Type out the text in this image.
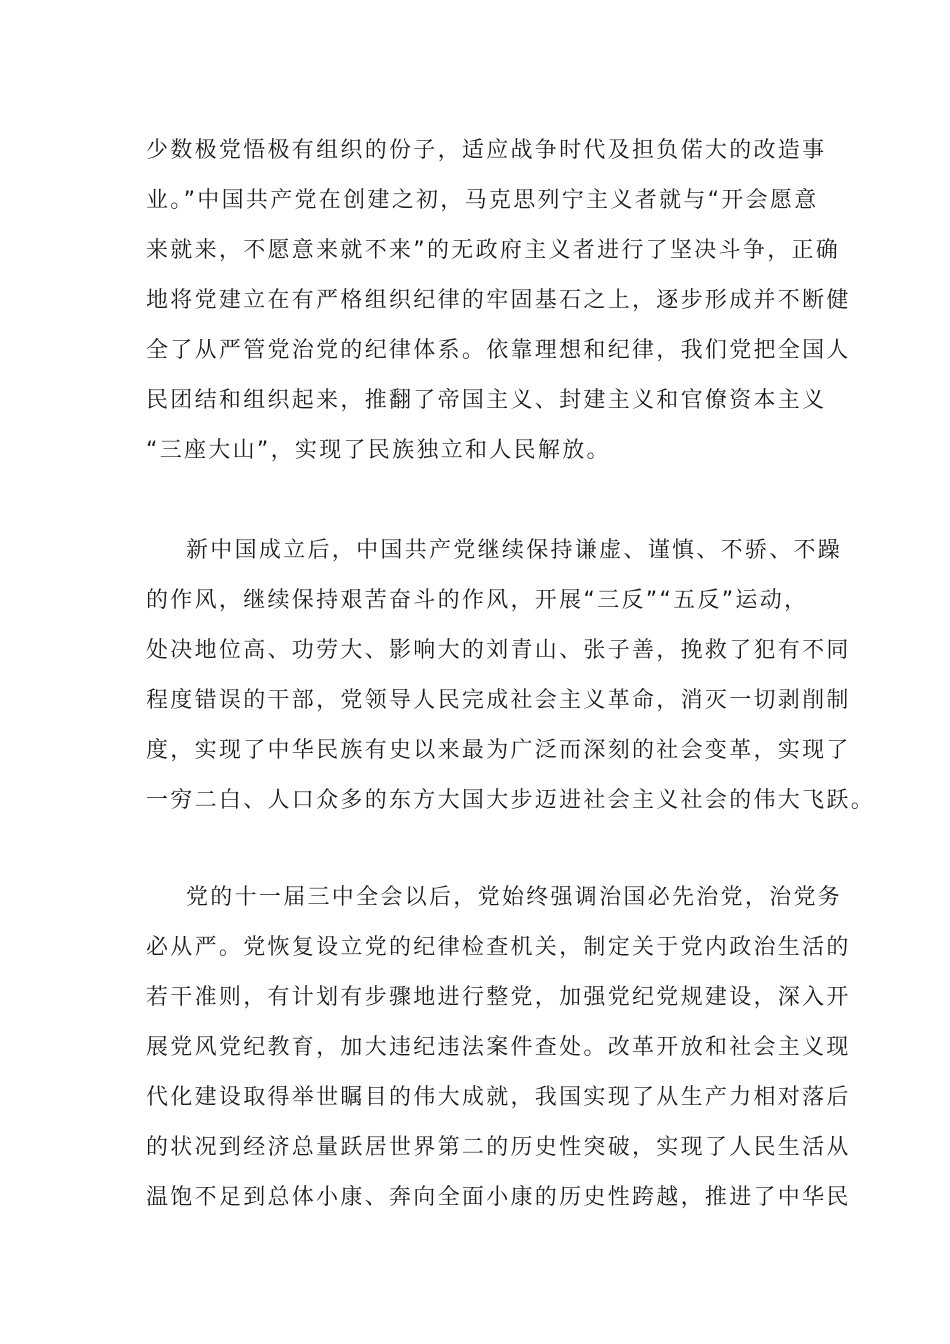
少数极党悟极有组织的份子，适应战争时代及担负偌大的改造事
业。”中国共产党在创建之初，马克思列宁主义者就与“开会愿意
来就来，不愿意来就不来”的无政府主义者进行了坚决斗争，正确
地将党建立在有严格组织纪律的牢固基石之上，逐步形成并不断健
全了从严管党治党的纪律体系。依靠理想和纪律，我们党把全国人
民团结和组织起来，推翻了帝国主义、封建主义和官僚资本主义
“三座大山”，实现了民族独立和人民解放。
新中国成立后，中国共产党继续保持谦虚、谨慎、不骄、不躁
的作风，继续保持艰苦奋斗的作风，开展“三反”“五反”运动，
处决地位高、功劳大、影响大的刘青山、张子善，挽救了犯有不同
程度错误的干部，党领导人民完成社会主义革命，消灭一切剥削制
度，实现了中华民族有史以来最为广泛而深刻的社会变革，实现了
一穷二白、人口众多的东方大国大步迈进社会主义社会的伟大飞跃。
党的十一届三中全会以后，党始终强调治国必先治党，治党务
必从严。党恢复设立党的纪律检查机关，制定关于党内政治生活的
若干准则，有计划有步骤地进行整党，加强党纪党规建设，深入开
展党风党纪教育，加大违纪违法案件查处。改革开放和社会主义现
代化建设取得举世瞩目的伟大成就，我国实现了从生产力相对落后
的状况到经济总量跃居世界第二的历史性突破，实现了人民生活从
温饱不足到总体小康、奔向全面小康的历史性跨越，推进了中华民
